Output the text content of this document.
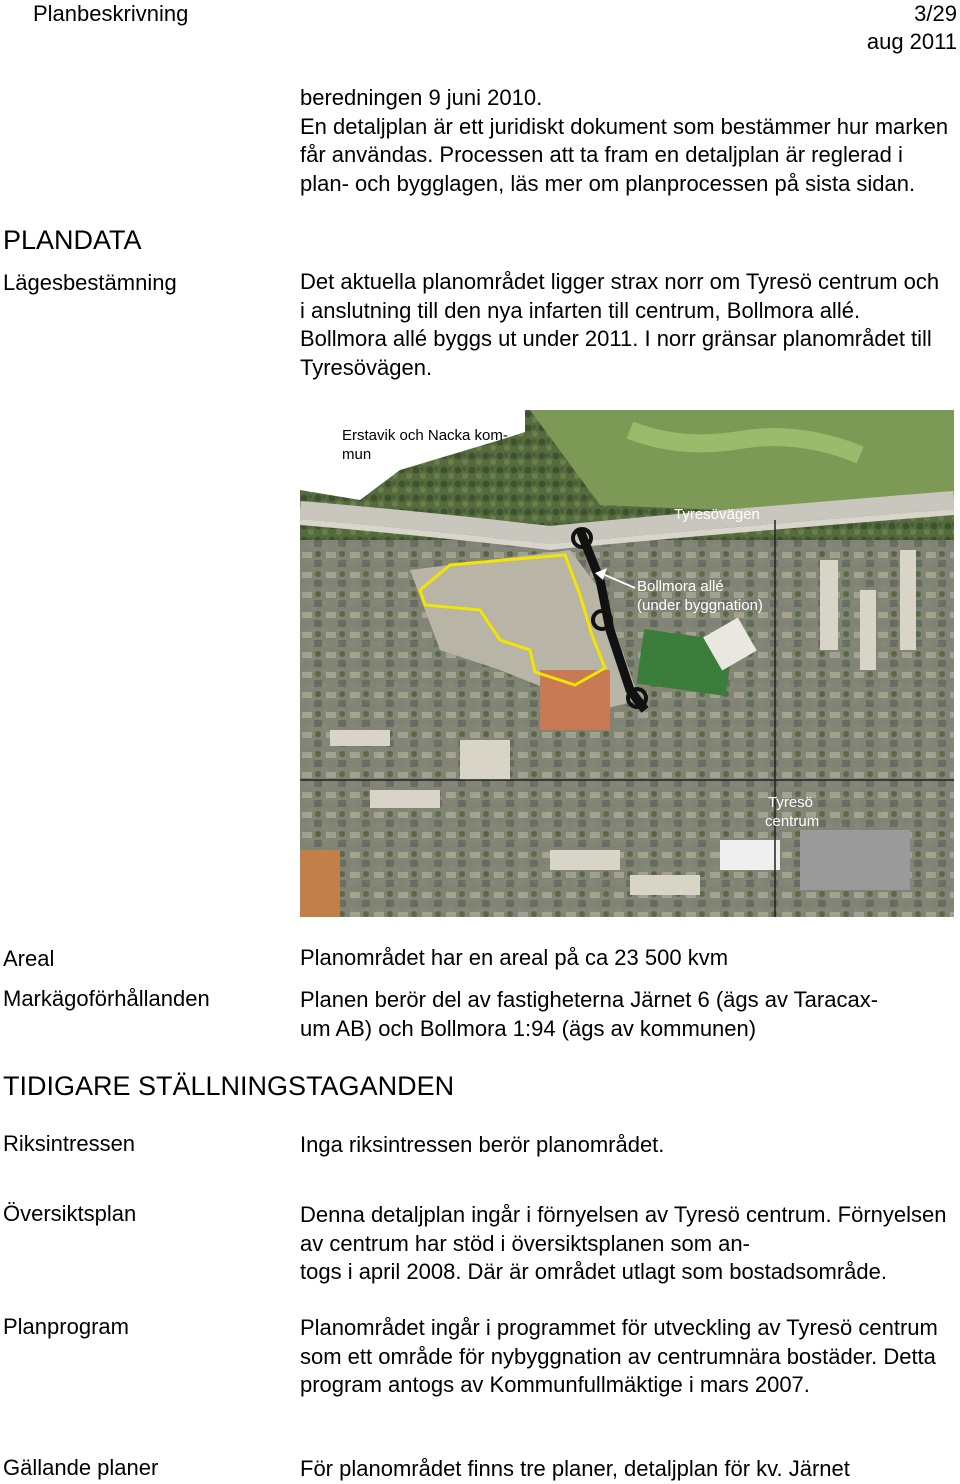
Planbeskrivning	3/29
aug 2011

beredningen 9 juni 2010.
En detaljplan är ett juridiskt dokument som bestämmer hur marken får användas. Processen att ta fram en detaljplan är reglerad i plan- och bygglagen, läs mer om planprocessen på sista sidan.

PLANDATA
Lägesbestämning	Det aktuella planområdet ligger strax norr om Tyresö centrum och i anslutning till den nya infarten till centrum, Bollmora allé. Bollmora allé byggs ut under 2011. I norr gränsar planområdet till Tyresövägen.

Erstavik och Nacka kom-
mun
Tyresövägen
Bollmora allé
(under byggnation)
Tyresö
centrum
Areal	Planområdet har en areal på ca 23 500 kvm

Markägoförhållanden	Planen berör del av fastigheterna Järnet 6 (ägs av Taracax-
um AB) och Bollmora 1:94 (ägs av kommunen)

TIDIGARE STÄLLNINGSTAGANDEN
Riksintressen	Inga riksintressen berör planområdet.

Översiktsplan	Denna detaljplan ingår i förnyelsen av Tyresö centrum. Förnyelsen av centrum har stöd i översiktsplanen som an-
togs i april 2008. Där är området utlagt som bostadsområde.

Planprogram	Planområdet ingår i programmet för utveckling av Tyresö centrum som ett område för nybyggnation av centrumnära bostäder. Detta program antogs av Kommunfullmäktige i mars 2007.

Gällande planer	För planområdet finns tre planer, detaljplan för kv. Järnet
